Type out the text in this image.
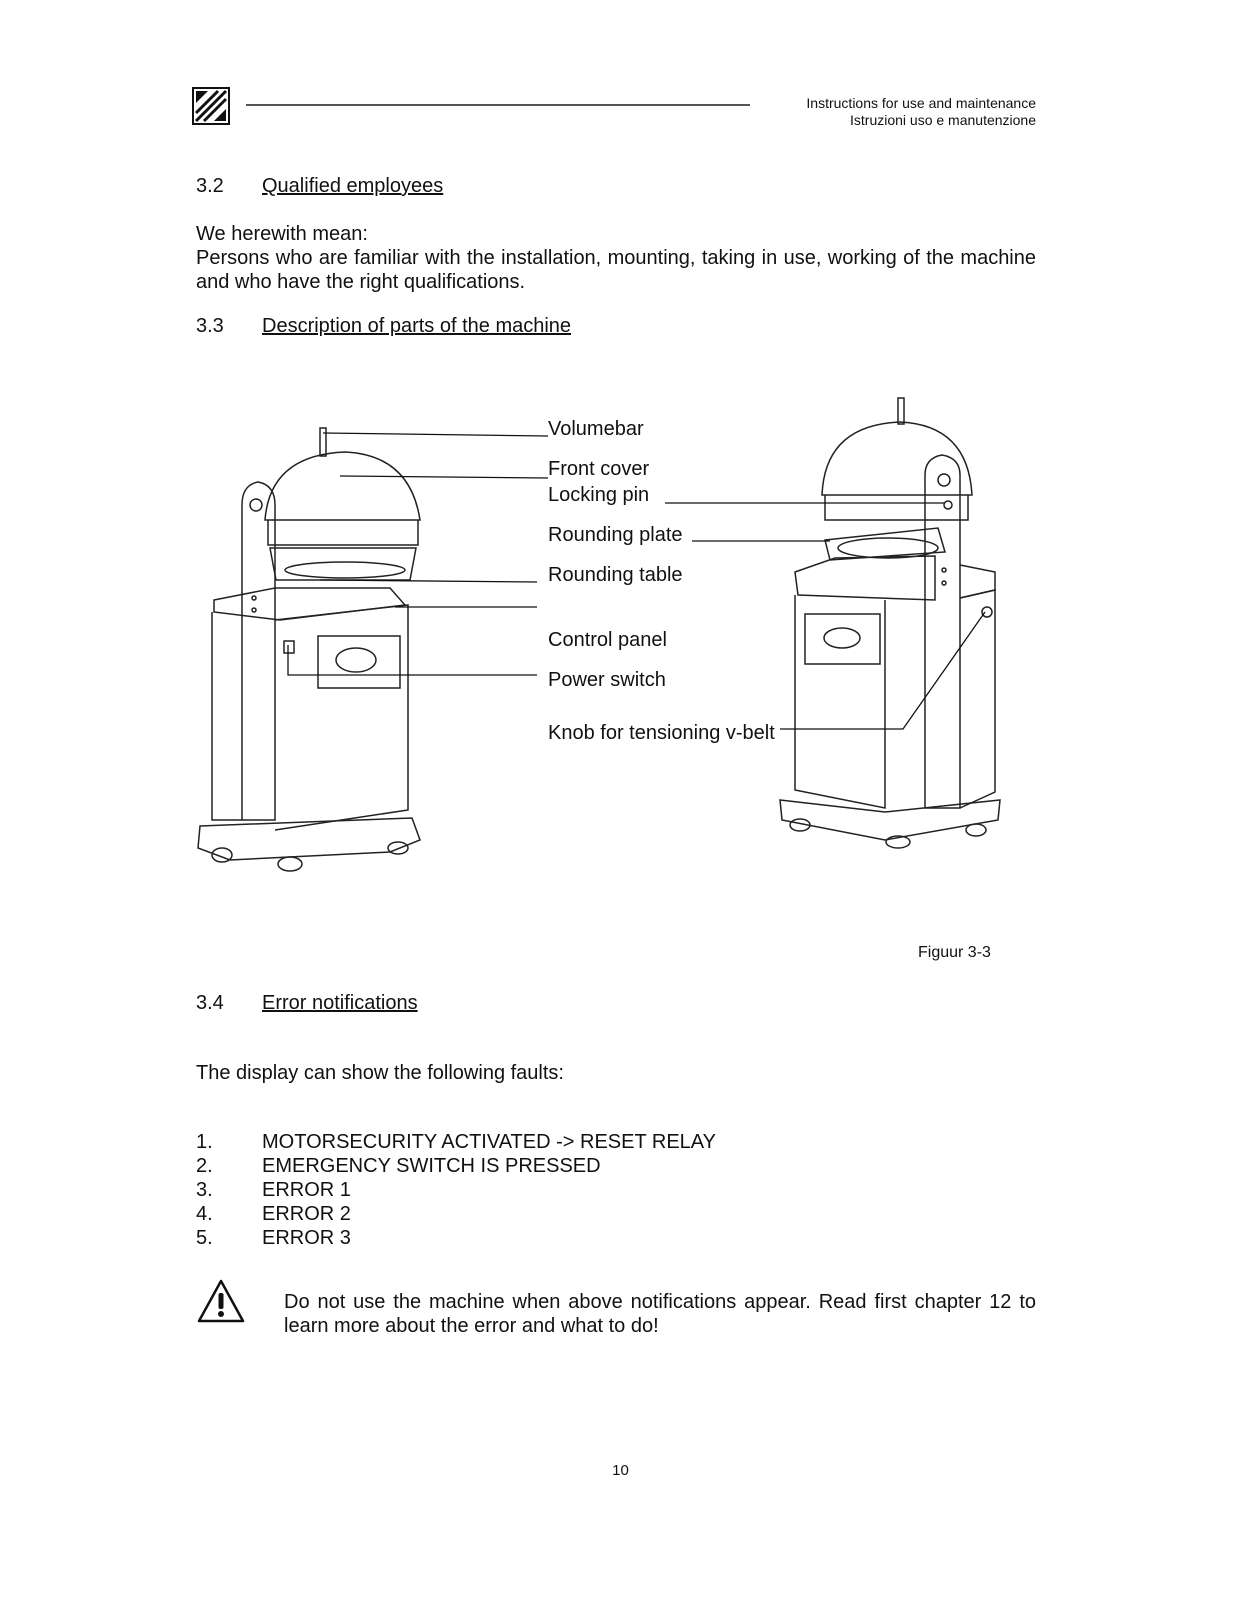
Instructions for use and maintenance
Istruzioni uso e manutenzione
3.2 Qualified employees
We herewith mean:
Persons who are familiar with the installation, mounting, taking in use, working of the machine and who have the right qualifications.
3.3 Description of parts of the machine
Volumebar
Front cover
Locking pin
Rounding plate
Rounding table
Control panel
Power switch
Knob for tensioning v-belt
Figuur 3-3
3.4 Error notifications
The display can show the following faults:
1.	MOTORSECURITY ACTIVATED -> RESET RELAY
2.	EMERGENCY SWITCH IS PRESSED
3.	ERROR 1
4.	ERROR 2
5.	ERROR 3
Do not use the machine when above notifications appear. Read first chapter 12 to learn more about the error and what to do!
10
